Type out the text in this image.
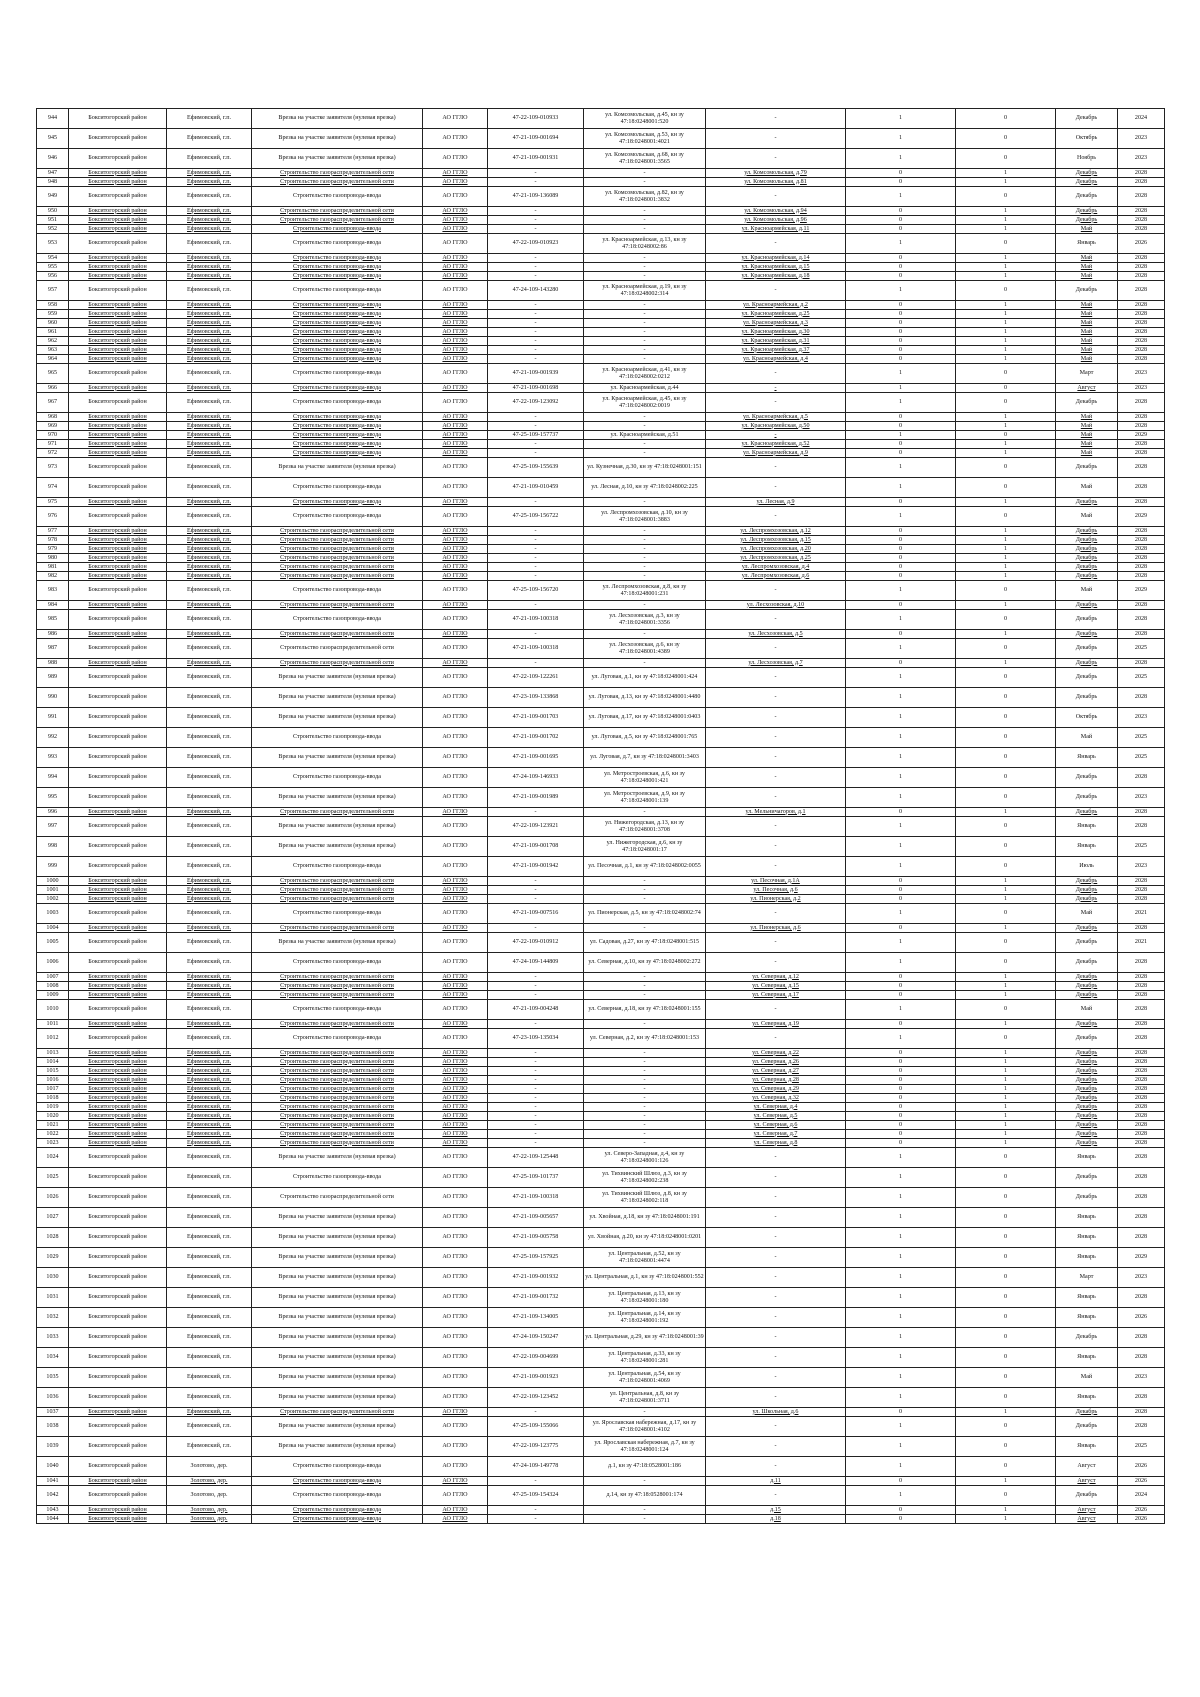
944	Бокситогорский район	Ефимовский, г.п.	Врезка на участке заявителя (нулевая врезка)	АО ГГЛО	47-22-109-010933	ул. Комсомольская, д.45, кн зу 47:18:0248001:520	-	1	0	Декабрь	2024
945	Бокситогорский район	Ефимовский, г.п.	Врезка на участке заявителя (нулевая врезка)	АО ГГЛО	47-21-109-001694	ул. Комсомольская, д.53, кн зу 47:18:0248001:4021	-	1	0	Октябрь	2023
946	Бокситогорский район	Ефимовский, г.п.	Врезка на участке заявителя (нулевая врезка)	АО ГГЛО	47-21-109-001931	ул. Комсомольская, д.68, кн зу 47:18:0248001:3565	-	1	0	Ноябрь	2023
947	Бокситогорский район	Ефимовский, г.п.	Строительство газораспределительной сети	АО ГГЛО	-	-	ул. Комсомольская, д.79	0	1	Декабрь	2028
948	Бокситогорский район	Ефимовский, г.п.	Строительство газораспределительной сети	АО ГГЛО	-	-	ул. Комсомольская, д.81	0	1	Декабрь	2028
949	Бокситогорский район	Ефимовский, г.п.	Строительство газопровода-ввода	АО ГГЛО	47-21-109-136089	ул. Комсомольская, д.82, кн зу 47:18:0248001:3832	-	1	0	Декабрь	2028
950	Бокситогорский район	Ефимовский, г.п.	Строительство газораспределительной сети	АО ГГЛО	-	-	ул. Комсомольская, д.94	0	1	Декабрь	2028
951	Бокситогорский район	Ефимовский, г.п.	Строительство газораспределительной сети	АО ГГЛО	-	-	ул. Комсомольская, д.96	0	1	Декабрь	2028
952	Бокситогорский район	Ефимовский, г.п.	Строительство газопровода-ввода	АО ГГЛО	-	-	ул. Красноармейская, д.11	0	1	Май	2028
953	Бокситогорский район	Ефимовский, г.п.	Строительство газопровода-ввода	АО ГГЛО	47-22-109-010923	ул. Красноармейская, д.13, кн зу 47:18:0248002:86	-	1	0	Январь	2026
954	Бокситогорский район	Ефимовский, г.п.	Строительство газопровода-ввода	АО ГГЛО	-	-	ул. Красноармейская, д.14	0	1	Май	2028
955	Бокситогорский район	Ефимовский, г.п.	Строительство газопровода-ввода	АО ГГЛО	-	-	ул. Красноармейская, д.15	0	1	Май	2028
956	Бокситогорский район	Ефимовский, г.п.	Строительство газопровода-ввода	АО ГГЛО	-	-	ул. Красноармейская, д.18	0	1	Май	2028
957	Бокситогорский район	Ефимовский, г.п.	Строительство газопровода-ввода	АО ГГЛО	47-24-109-143280	ул. Красноармейская, д.19, кн зу 47:18:0248002:314	-	1	0	Декабрь	2028
958	Бокситогорский район	Ефимовский, г.п.	Строительство газопровода-ввода	АО ГГЛО	-	-	ул. Красноармейская, д.2	0	1	Май	2028
959	Бокситогорский район	Ефимовский, г.п.	Строительство газопровода-ввода	АО ГГЛО	-	-	ул. Красноармейская, д.25	0	1	Май	2028
960	Бокситогорский район	Ефимовский, г.п.	Строительство газопровода-ввода	АО ГГЛО	-	-	ул. Красноармейская, д.3	0	1	Май	2028
961	Бокситогорский район	Ефимовский, г.п.	Строительство газопровода-ввода	АО ГГЛО	-	-	ул. Красноармейская, д.30	0	1	Май	2028
962	Бокситогорский район	Ефимовский, г.п.	Строительство газопровода-ввода	АО ГГЛО	-	-	ул. Красноармейская, д.31	0	1	Май	2028
963	Бокситогорский район	Ефимовский, г.п.	Строительство газопровода-ввода	АО ГГЛО	-	-	ул. Красноармейская, д.37	0	1	Май	2028
964	Бокситогорский район	Ефимовский, г.п.	Строительство газопровода-ввода	АО ГГЛО	-	-	ул. Красноармейская, д.4	0	1	Май	2028
965	Бокситогорский район	Ефимовский, г.п.	Строительство газопровода-ввода	АО ГГЛО	47-21-109-001939	ул. Красноармейская, д.41, кн зу 47:18:0248002:0212	-	1	0	Март	2023
966	Бокситогорский район	Ефимовский, г.п.	Строительство газопровода-ввода	АО ГГЛО	47-21-109-001698	ул. Красноармейская, д.44	-	1	0	Август	2023
967	Бокситогорский район	Ефимовский, г.п.	Строительство газопровода-ввода	АО ГГЛО	47-22-109-123092	ул. Красноармейская, д.45, кн зу 47:18:0248002:0019	-	1	0	Декабрь	2028
968	Бокситогорский район	Ефимовский, г.п.	Строительство газопровода-ввода	АО ГГЛО	-	-	ул. Красноармейская, д.5	0	1	Май	2028
969	Бокситогорский район	Ефимовский, г.п.	Строительство газопровода-ввода	АО ГГЛО	-	-	ул. Красноармейская, д.50	0	1	Май	2028
970	Бокситогорский район	Ефимовский, г.п.	Строительство газопровода-ввода	АО ГГЛО	47-25-109-157737	ул. Красноармейская, д.51	-	1	0	Май	2029
971	Бокситогорский район	Ефимовский, г.п.	Строительство газопровода-ввода	АО ГГЛО	-	-	ул. Красноармейская, д.52	0	1	Май	2028
972	Бокситогорский район	Ефимовский, г.п.	Строительство газопровода-ввода	АО ГГЛО	-	-	ул. Красноармейская, д.9	0	1	Май	2028
973	Бокситогорский район	Ефимовский, г.п.	Врезка на участке заявителя (нулевая врезка)	АО ГГЛО	47-25-109-155639	ул. Кузнечная, д.30, кн зу 47:18:0248001:151	-	1	0	Декабрь	2028
974	Бокситогорский район	Ефимовский, г.п.	Строительство газопровода-ввода	АО ГГЛО	47-21-109-010459	ул. Лесная, д.10, кн зу 47:18:0248002:225	-	1	0	Май	2028
975	Бокситогорский район	Ефимовский, г.п.	Строительство газопровода-ввода	АО ГГЛО	-	-	ул. Лесная, д.9	0	1	Декабрь	2028
976	Бокситогорский район	Ефимовский, г.п.	Строительство газопровода-ввода	АО ГГЛО	47-25-109-156722	ул. Леспромхозовская, д.10, кн зу 47:18:0248001:3883	-	1	0	Май	2029
977	Бокситогорский район	Ефимовский, г.п.	Строительство газораспределительной сети	АО ГГЛО	-	-	ул. Леспромхозовская, д.12	0	1	Декабрь	2028
978	Бокситогорский район	Ефимовский, г.п.	Строительство газораспределительной сети	АО ГГЛО	-	-	ул. Леспромхозовская, д.15	0	1	Декабрь	2028
979	Бокситогорский район	Ефимовский, г.п.	Строительство газораспределительной сети	АО ГГЛО	-	-	ул. Леспромхозовская, д.20	0	1	Декабрь	2028
980	Бокситогорский район	Ефимовский, г.п.	Строительство газораспределительной сети	АО ГГЛО	-	-	ул. Леспромхозовская, д.25	0	1	Декабрь	2028
981	Бокситогорский район	Ефимовский, г.п.	Строительство газораспределительной сети	АО ГГЛО	-	-	ул. Леспромхозовская, д.4	0	1	Декабрь	2028
982	Бокситогорский район	Ефимовский, г.п.	Строительство газораспределительной сети	АО ГГЛО	-	-	ул. Леспромхозовская, д.6	0	1	Декабрь	2028
983	Бокситогорский район	Ефимовский, г.п.	Строительство газопровода-ввода	АО ГГЛО	47-25-109-156720	ул. Леспромхозовская, д.8, кн зу 47:18:0248001:231	-	1	0	Май	2029
984	Бокситогорский район	Ефимовский, г.п.	Строительство газораспределительной сети	АО ГГЛО	-	-	ул. Лесхозовская, д.10	0	1	Декабрь	2028
985	Бокситогорский район	Ефимовский, г.п.	Строительство газопровода-ввода	АО ГГЛО	47-21-109-100318	ул. Лесхозовская, д.3, кн зу 47:18:0248001:3356	-	1	0	Декабрь	2028
986	Бокситогорский район	Ефимовский, г.п.	Строительство газораспределительной сети	АО ГГЛО	-	-	ул. Лесхозовская, д.5	0	1	Декабрь	2028
987	Бокситогорский район	Ефимовский, г.п.	Строительство газораспределительной сети	АО ГГЛО	47-21-109-100318	ул. Лесхозовская, д.6, кн зу 47:18:0248001:4389	-	1	0	Декабрь	2025
988	Бокситогорский район	Ефимовский, г.п.	Строительство газораспределительной сети	АО ГГЛО	-	-	ул. Лесхозовская, д.7	0	1	Декабрь	2028
989	Бокситогорский район	Ефимовский, г.п.	Врезка на участке заявителя (нулевая врезка)	АО ГГЛО	47-22-109-122261	ул. Луговая, д.1, кн зу 47:18:0248001:424	-	1	0	Декабрь	2025
990	Бокситогорский район	Ефимовский, г.п.	Врезка на участке заявителя (нулевая врезка)	АО ГГЛО	47-23-109-133868	ул. Луговая, д.13, кн зу 47:18:0248001:4480	-	1	0	Декабрь	2028
991	Бокситогорский район	Ефимовский, г.п.	Врезка на участке заявителя (нулевая врезка)	АО ГГЛО	47-21-109-001703	ул. Луговая, д.17, кн зу 47:18:0248001:0403	-	1	0	Октябрь	2023
992	Бокситогорский район	Ефимовский, г.п.	Строительство газопровода-ввода	АО ГГЛО	47-21-109-001702	ул. Луговая, д.5, кн зу 47:18:0248001:765	-	1	0	Май	2025
993	Бокситогорский район	Ефимовский, г.п.	Врезка на участке заявителя (нулевая врезка)	АО ГГЛО	47-21-109-001695	ул. Луговая, д.7, кн зу 47:18:0248001:3403	-	1	0	Январь	2025
994	Бокситогорский район	Ефимовский, г.п.	Строительство газопровода-ввода	АО ГГЛО	47-24-109-146933	ул. Метростроевская, д.6, кн зу 47:18:0248001:421	-	1	0	Декабрь	2028
995	Бокситогорский район	Ефимовский, г.п.	Врезка на участке заявителя (нулевая врезка)	АО ГГЛО	47-21-109-001989	ул. Метростроевская, д.9, кн зу 47:18:0248001:139	-	1	0	Декабрь	2023
996	Бокситогорский район	Ефимовский, г.п.	Строительство газораспределительной сети	АО ГГЛО	-	-	ул. Мельничагоров, д.1	0	1	Декабрь	2028
997	Бокситогорский район	Ефимовский, г.п.	Врезка на участке заявителя (нулевая врезка)	АО ГГЛО	47-22-109-123921	ул. Нижегородская, д.13, кн зу 47:18:0248001:3708	-	1	0	Январь	2028
998	Бокситогорский район	Ефимовский, г.п.	Врезка на участке заявителя (нулевая врезка)	АО ГГЛО	47-21-109-001708	ул. Нижегородская, д.6, кн зу 47:18:0248001:17	-	1	0	Январь	2025
999	Бокситогорский район	Ефимовский, г.п.	Строительство газопровода-ввода	АО ГГЛО	47-21-109-001942	ул. Песочная, д.1, кн зу 47:18:0248002:0055	-	1	0	Июль	2023
1000	Бокситогорский район	Ефимовский, г.п.	Строительство газораспределительной сети	АО ГГЛО	-	-	ул. Песочная, д.1А	0	1	Декабрь	2028
1001	Бокситогорский район	Ефимовский, г.п.	Строительство газораспределительной сети	АО ГГЛО	-	-	ул. Песочная, д.6	0	1	Декабрь	2028
1002	Бокситогорский район	Ефимовский, г.п.	Строительство газораспределительной сети	АО ГГЛО	-	-	ул. Пионерская, д.2	0	1	Декабрь	2028
1003	Бокситогорский район	Ефимовский, г.п.	Строительство газопровода-ввода	АО ГГЛО	47-21-109-007516	ул. Пионерская, д.5, кн зу 47:18:0248002:74	-	1	0	Май	2021
1004	Бокситогорский район	Ефимовский, г.п.	Строительство газораспределительной сети	АО ГГЛО	-	-	ул. Пионерская, д.6	0	1	Декабрь	2028
1005	Бокситогорский район	Ефимовский, г.п.	Врезка на участке заявителя (нулевая врезка)	АО ГГЛО	47-22-109-010912	ул. Садовая, д.27, кн зу 47:18:0248001:515	-	1	0	Декабрь	2021
1006	Бокситогорский район	Ефимовский, г.п.	Строительство газопровода-ввода	АО ГГЛО	47-24-109-144809	ул. Северная, д.10, кн зу 47:18:0248002:272	-	1	0	Декабрь	2028
1007	Бокситогорский район	Ефимовский, г.п.	Строительство газораспределительной сети	АО ГГЛО	-	-	ул. Северная, д.12	0	1	Декабрь	2028
1008	Бокситогорский район	Ефимовский, г.п.	Строительство газораспределительной сети	АО ГГЛО	-	-	ул. Северная, д.15	0	1	Декабрь	2028
1009	Бокситогорский район	Ефимовский, г.п.	Строительство газораспределительной сети	АО ГГЛО	-	-	ул. Северная, д.17	0	1	Декабрь	2028
1010	Бокситогорский район	Ефимовский, г.п.	Строительство газопровода-ввода	АО ГГЛО	47-21-109-004248	ул. Северная, д.18, кн зу 47:18:0248001:155	-	1	0	Май	2028
1011	Бокситогорский район	Ефимовский, г.п.	Строительство газораспределительной сети	АО ГГЛО	-	-	ул. Северная, д.19	0	1	Декабрь	2028
1012	Бокситогорский район	Ефимовский, г.п.	Строительство газопровода-ввода	АО ГГЛО	47-23-109-135034	ул. Северная, д.2, кн зу 47:18:0248001:153	-	1	0	Декабрь	2028
1013	Бокситогорский район	Ефимовский, г.п.	Строительство газораспределительной сети	АО ГГЛО	-	-	ул. Северная, д.22	0	1	Декабрь	2028
1014	Бокситогорский район	Ефимовский, г.п.	Строительство газораспределительной сети	АО ГГЛО	-	-	ул. Северная, д.26	0	1	Декабрь	2028
1015	Бокситогорский район	Ефимовский, г.п.	Строительство газораспределительной сети	АО ГГЛО	-	-	ул. Северная, д.27	0	1	Декабрь	2028
1016	Бокситогорский район	Ефимовский, г.п.	Строительство газораспределительной сети	АО ГГЛО	-	-	ул. Северная, д.28	0	1	Декабрь	2028
1017	Бокситогорский район	Ефимовский, г.п.	Строительство газораспределительной сети	АО ГГЛО	-	-	ул. Северная, д.29	0	1	Декабрь	2028
1018	Бокситогорский район	Ефимовский, г.п.	Строительство газораспределительной сети	АО ГГЛО	-	-	ул. Северная, д.32	0	1	Декабрь	2028
1019	Бокситогорский район	Ефимовский, г.п.	Строительство газораспределительной сети	АО ГГЛО	-	-	ул. Северная, д.4	0	1	Декабрь	2028
1020	Бокситогорский район	Ефимовский, г.п.	Строительство газораспределительной сети	АО ГГЛО	-	-	ул. Северная, д.5	0	1	Декабрь	2028
1021	Бокситогорский район	Ефимовский, г.п.	Строительство газораспределительной сети	АО ГГЛО	-	-	ул. Северная, д.6	0	1	Декабрь	2028
1022	Бокситогорский район	Ефимовский, г.п.	Строительство газораспределительной сети	АО ГГЛО	-	-	ул. Северная, д.7	0	1	Декабрь	2028
1023	Бокситогорский район	Ефимовский, г.п.	Строительство газораспределительной сети	АО ГГЛО	-	-	ул. Северная, д.8	0	1	Декабрь	2028
1024	Бокситогорский район	Ефимовский, г.п.	Врезка на участке заявителя (нулевая врезка)	АО ГГЛО	47-22-109-125448	ул. Северо-Западная, д.4, кн зу 47:18:0248001:126	-	1	0	Январь	2028
1025	Бокситогорский район	Ефимовский, г.п.	Строительство газопровода-ввода	АО ГГЛО	47-25-109-101737	ул. Тихвинский Шлюз, д.3, кн зу 47:18:0248002:238	-	1	0	Декабрь	2028
1026	Бокситогорский район	Ефимовский, г.п.	Строительство газораспределительной сети	АО ГГЛО	47-21-109-100318	ул. Тихвинский Шлюз, д.8, кн зу 47:18:0248002:118	-	1	0	Декабрь	2028
1027	Бокситогорский район	Ефимовский, г.п.	Врезка на участке заявителя (нулевая врезка)	АО ГГЛО	47-21-109-005657	ул. Хвойная, д.18, кн зу 47:18:0248001:191	-	1	0	Январь	2028
1028	Бокситогорский район	Ефимовский, г.п.	Врезка на участке заявителя (нулевая врезка)	АО ГГЛО	47-21-109-005758	ул. Хвойная, д.20, кн зу 47:18:0248001:0201	-	1	0	Январь	2028
1029	Бокситогорский район	Ефимовский, г.п.	Врезка на участке заявителя (нулевая врезка)	АО ГГЛО	47-25-109-157925	ул. Центральная, д.52, кн зу 47:18:0248001:4474	-	1	0	Январь	2029
1030	Бокситогорский район	Ефимовский, г.п.	Врезка на участке заявителя (нулевая врезка)	АО ГГЛО	47-21-109-001932	ул. Центральная, д.1, кн зу 47:18:0248001:552	-	1	0	Март	2023
1031	Бокситогорский район	Ефимовский, г.п.	Врезка на участке заявителя (нулевая врезка)	АО ГГЛО	47-21-109-001732	ул. Центральная, д.13, кн зу 47:18:0248001:180	-	1	0	Январь	2028
1032	Бокситогорский район	Ефимовский, г.п.	Врезка на участке заявителя (нулевая врезка)	АО ГГЛО	47-21-109-134005	ул. Центральная, д.14, кн зу 47:18:0248001:192	-	1	0	Январь	2026
1033	Бокситогорский район	Ефимовский, г.п.	Врезка на участке заявителя (нулевая врезка)	АО ГГЛО	47-24-109-150247	ул. Центральная, д.29, кн зу 47:18:0248001:39	-	1	0	Декабрь	2028
1034	Бокситогорский район	Ефимовский, г.п.	Врезка на участке заявителя (нулевая врезка)	АО ГГЛО	47-22-109-004699	ул. Центральная, д.33, кн зу 47:18:0248001:281	-	1	0	Январь	2028
1035	Бокситогорский район	Ефимовский, г.п.	Врезка на участке заявителя (нулевая врезка)	АО ГГЛО	47-21-109-001923	ул. Центральная, д.54, кн зу 47:18:0248001:4069	-	1	0	Май	2023
1036	Бокситогорский район	Ефимовский, г.п.	Врезка на участке заявителя (нулевая врезка)	АО ГГЛО	47-22-109-123452	ул. Центральная, д.8, кн зу 47:18:0248001:3711	-	1	0	Январь	2028
1037	Бокситогорский район	Ефимовский, г.п.	Строительство газораспределительной сети	АО ГГЛО	-	-	ул. Школьная, д.6	0	1	Декабрь	2028
1038	Бокситогорский район	Ефимовский, г.п.	Врезка на участке заявителя (нулевая врезка)	АО ГГЛО	47-25-109-155066	ул. Ярославская набережная, д.17, кн зу 47:18:0248001:4102	-	1	0	Декабрь	2028
1039	Бокситогорский район	Ефимовский, г.п.	Врезка на участке заявителя (нулевая врезка)	АО ГГЛО	47-22-109-123775	ул. Ярославская набережная, д.7, кн зу 47:18:0248001:124	-	1	0	Январь	2025
1040	Бокситогорский район	Золотово, дер.	Строительство газопровода-ввода	АО ГГЛО	47-24-109-149778	д.1, кн зу 47:18:0528001:186	-	1	0	Август	2026
1041	Бокситогорский район	Золотово, дер.	Строительство газопровода-ввода	АО ГГЛО	-	-	д.11	0	1	Август	2026
1042	Бокситогорский район	Золотово, дер.	Строительство газопровода-ввода	АО ГГЛО	47-25-109-154324	д.14, кн зу 47:18:0528001:174	-	1	0	Декабрь	2024
1043	Бокситогорский район	Золотово, дер.	Строительство газопровода-ввода	АО ГГЛО	-	-	д.15	0	1	Август	2026
1044	Бокситогорский район	Золотово, дер.	Строительство газопровода-ввода	АО ГГЛО	-	-	д.18	0	1	Август	2026
